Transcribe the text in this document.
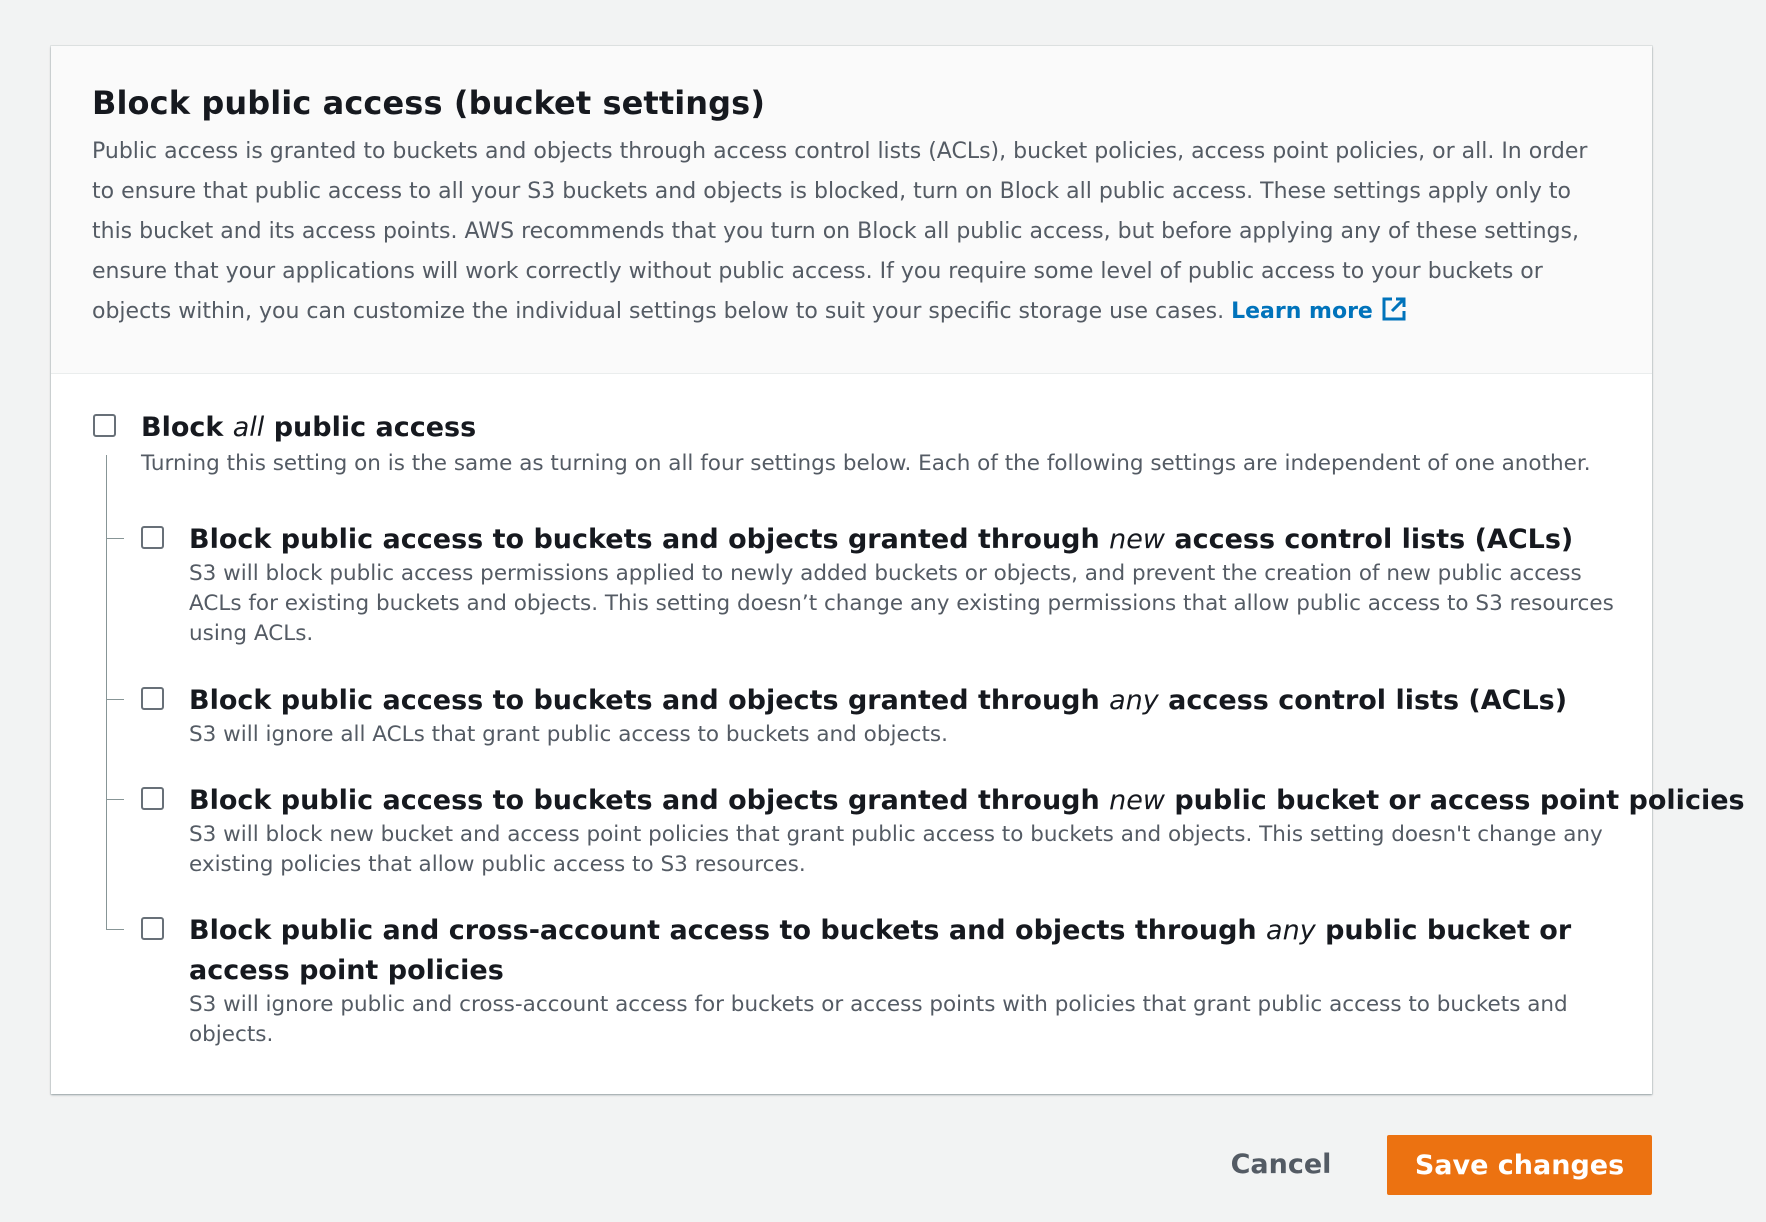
Block public access (bucket settings)
Public access is granted to buckets and objects through access control lists (ACLs), bucket policies, access point policies, or all. In order to ensure that public access to all your S3 buckets and objects is blocked, turn on Block all public access. These settings apply only to this bucket and its access points. AWS recommends that you turn on Block all public access, but before applying any of these settings, ensure that your applications will work correctly without public access. If you require some level of public access to your buckets or objects within, you can customize the individual settings below to suit your specific storage use cases. Learn more
Block all public access
Turning this setting on is the same as turning on all four settings below. Each of the following settings are independent of one another.
Block public access to buckets and objects granted through new access control lists (ACLs)
S3 will block public access permissions applied to newly added buckets or objects, and prevent the creation of new public access ACLs for existing buckets and objects. This setting doesn’t change any existing permissions that allow public access to S3 resources using ACLs.
Block public access to buckets and objects granted through any access control lists (ACLs)
S3 will ignore all ACLs that grant public access to buckets and objects.
Block public access to buckets and objects granted through new public bucket or access point policies
S3 will block new bucket and access point policies that grant public access to buckets and objects. This setting doesn't change any existing policies that allow public access to S3 resources.
Block public and cross-account access to buckets and objects through any public bucket or access point policies
S3 will ignore public and cross-account access for buckets or access points with policies that grant public access to buckets and objects.
Cancel	Save changes
